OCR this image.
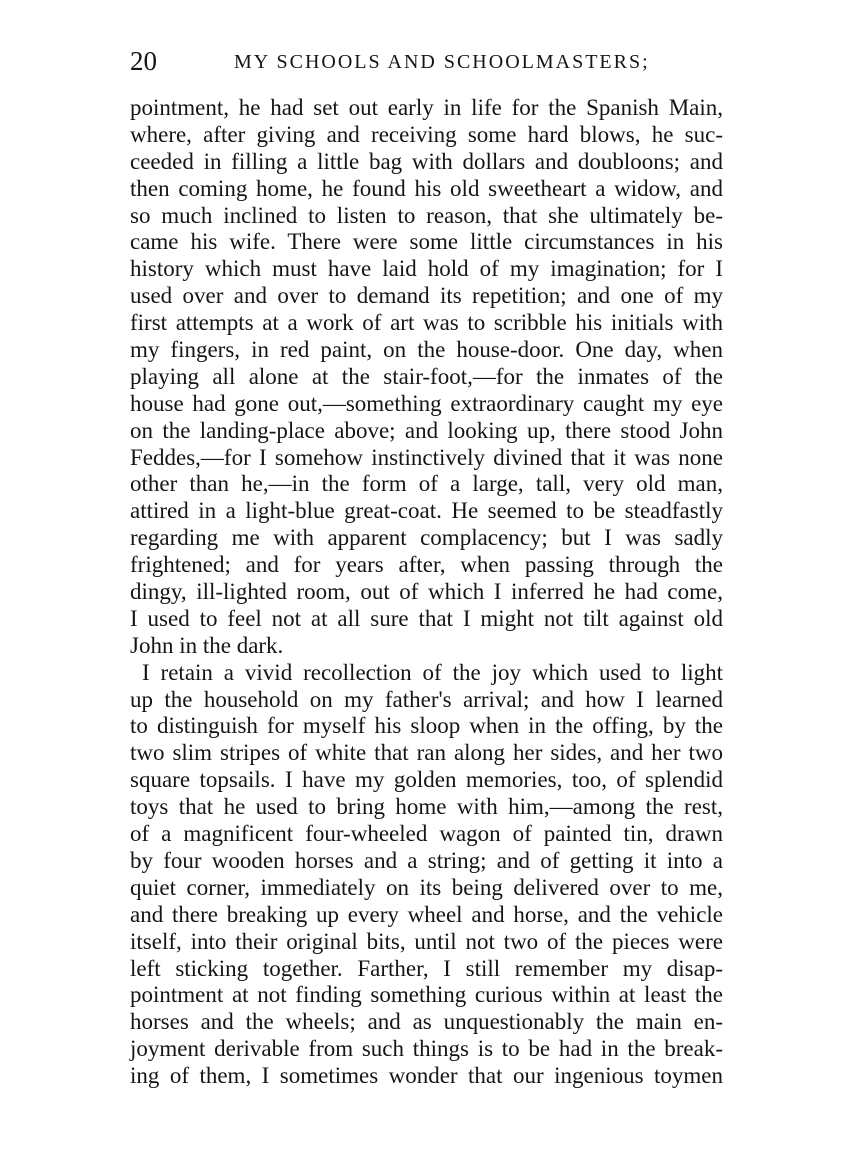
20	MY SCHOOLS AND SCHOOLMASTERS;
pointment, he had set out early in life for the Spanish Main,
where, after giving and receiving some hard blows, he suc-
ceeded in filling a little bag with dollars and doubloons; and
then coming home, he found his old sweetheart a widow, and
so much inclined to listen to reason, that she ultimately be-
came his wife. There were some little circumstances in his
history which must have laid hold of my imagination; for I
used over and over to demand its repetition; and one of my
first attempts at a work of art was to scribble his initials with
my fingers, in red paint, on the house-door. One day, when
playing all alone at the stair-foot,—for the inmates of the
house had gone out,—something extraordinary caught my eye
on the landing-place above; and looking up, there stood John
Feddes,—for I somehow instinctively divined that it was none
other than he,—in the form of a large, tall, very old man,
attired in a light-blue great-coat. He seemed to be steadfastly
regarding me with apparent complacency; but I was sadly
frightened; and for years after, when passing through the
dingy, ill-lighted room, out of which I inferred he had come,
I used to feel not at all sure that I might not tilt against old
John in the dark.
I retain a vivid recollection of the joy which used to light
up the household on my father's arrival; and how I learned
to distinguish for myself his sloop when in the offing, by the
two slim stripes of white that ran along her sides, and her two
square topsails. I have my golden memories, too, of splendid
toys that he used to bring home with him,—among the rest,
of a magnificent four-wheeled wagon of painted tin, drawn
by four wooden horses and a string; and of getting it into a
quiet corner, immediately on its being delivered over to me,
and there breaking up every wheel and horse, and the vehicle
itself, into their original bits, until not two of the pieces were
left sticking together. Farther, I still remember my disap-
pointment at not finding something curious within at least the
horses and the wheels; and as unquestionably the main en-
joyment derivable from such things is to be had in the break-
ing of them, I sometimes wonder that our ingenious toymen
